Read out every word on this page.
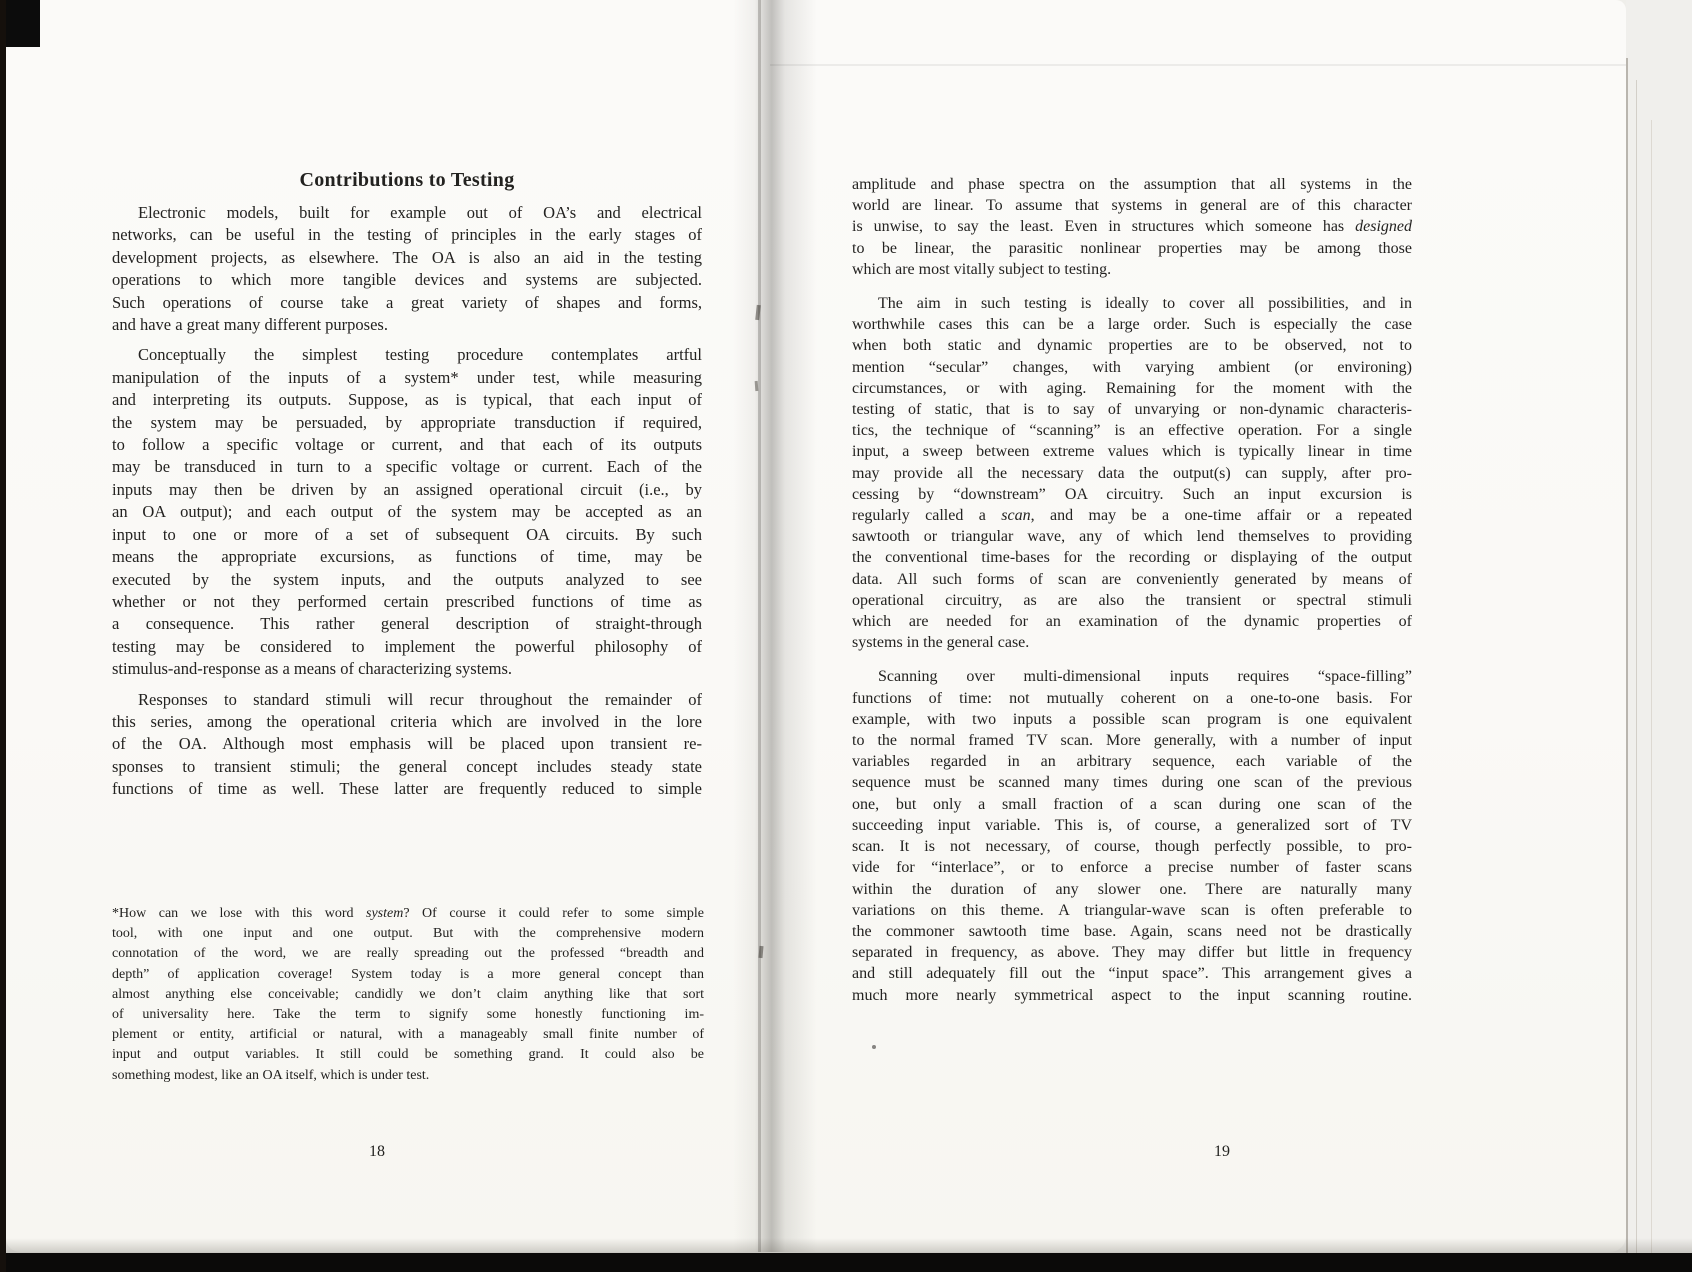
Contributions to Testing
Electronic models, built for example out of OA’s and electrical
networks, can be useful in the testing of principles in the early stages of
development projects, as elsewhere. The OA is also an aid in the testing
operations to which more tangible devices and systems are subjected.
Such operations of course take a great variety of shapes and forms,
and have a great many different purposes.
Conceptually the simplest testing procedure contemplates artful
manipulation of the inputs of a system* under test, while measuring
and interpreting its outputs. Suppose, as is typical, that each input of
the system may be persuaded, by appropriate transduction if required,
to follow a specific voltage or current, and that each of its outputs
may be transduced in turn to a specific voltage or current. Each of the
inputs may then be driven by an assigned operational circuit (i.e., by
an OA output); and each output of the system may be accepted as an
input to one or more of a set of subsequent OA circuits. By such
means the appropriate excursions, as functions of time, may be
executed by the system inputs, and the outputs analyzed to see
whether or not they performed certain prescribed functions of time as
a consequence. This rather general description of straight-through
testing may be considered to implement the powerful philosophy of
stimulus-and-response as a means of characterizing systems.
Responses to standard stimuli will recur throughout the remainder of
this series, among the operational criteria which are involved in the lore
of the OA. Although most emphasis will be placed upon transient re-
sponses to transient stimuli; the general concept includes steady state
functions of time as well. These latter are frequently reduced to simple
*How can we lose with this word system? Of course it could refer to some simple
tool, with one input and one output. But with the comprehensive modern
connotation of the word, we are really spreading out the professed “breadth and
depth” of application coverage! System today is a more general concept than
almost anything else conceivable; candidly we don’t claim anything like that sort
of universality here. Take the term to signify some honestly functioning im-
plement or entity, artificial or natural, with a manageably small finite number of
input and output variables. It still could be something grand. It could also be
something modest, like an OA itself, which is under test.
18
amplitude and phase spectra on the assumption that all systems in the
world are linear. To assume that systems in general are of this character
is unwise, to say the least. Even in structures which someone has designed
to be linear, the parasitic nonlinear properties may be among those
which are most vitally subject to testing.
The aim in such testing is ideally to cover all possibilities, and in
worthwhile cases this can be a large order. Such is especially the case
when both static and dynamic properties are to be observed, not to
mention “secular” changes, with varying ambient (or environing)
circumstances, or with aging. Remaining for the moment with the
testing of static, that is to say of unvarying or non-dynamic characteris-
tics, the technique of “scanning” is an effective operation. For a single
input, a sweep between extreme values which is typically linear in time
may provide all the necessary data the output(s) can supply, after pro-
cessing by “downstream” OA circuitry. Such an input excursion is
regularly called a scan, and may be a one-time affair or a repeated
sawtooth or triangular wave, any of which lend themselves to providing
the conventional time-bases for the recording or displaying of the output
data. All such forms of scan are conveniently generated by means of
operational circuitry, as are also the transient or spectral stimuli
which are needed for an examination of the dynamic properties of
systems in the general case.
Scanning over multi-dimensional inputs requires “space-filling”
functions of time: not mutually coherent on a one-to-one basis. For
example, with two inputs a possible scan program is one equivalent
to the normal framed TV scan. More generally, with a number of input
variables regarded in an arbitrary sequence, each variable of the
sequence must be scanned many times during one scan of the previous
one, but only a small fraction of a scan during one scan of the
succeeding input variable. This is, of course, a generalized sort of TV
scan. It is not necessary, of course, though perfectly possible, to pro-
vide for “interlace”, or to enforce a precise number of faster scans
within the duration of any slower one. There are naturally many
variations on this theme. A triangular-wave scan is often preferable to
the commoner sawtooth time base. Again, scans need not be drastically
separated in frequency, as above. They may differ but little in frequency
and still adequately fill out the “input space”. This arrangement gives a
much more nearly symmetrical aspect to the input scanning routine.
19
